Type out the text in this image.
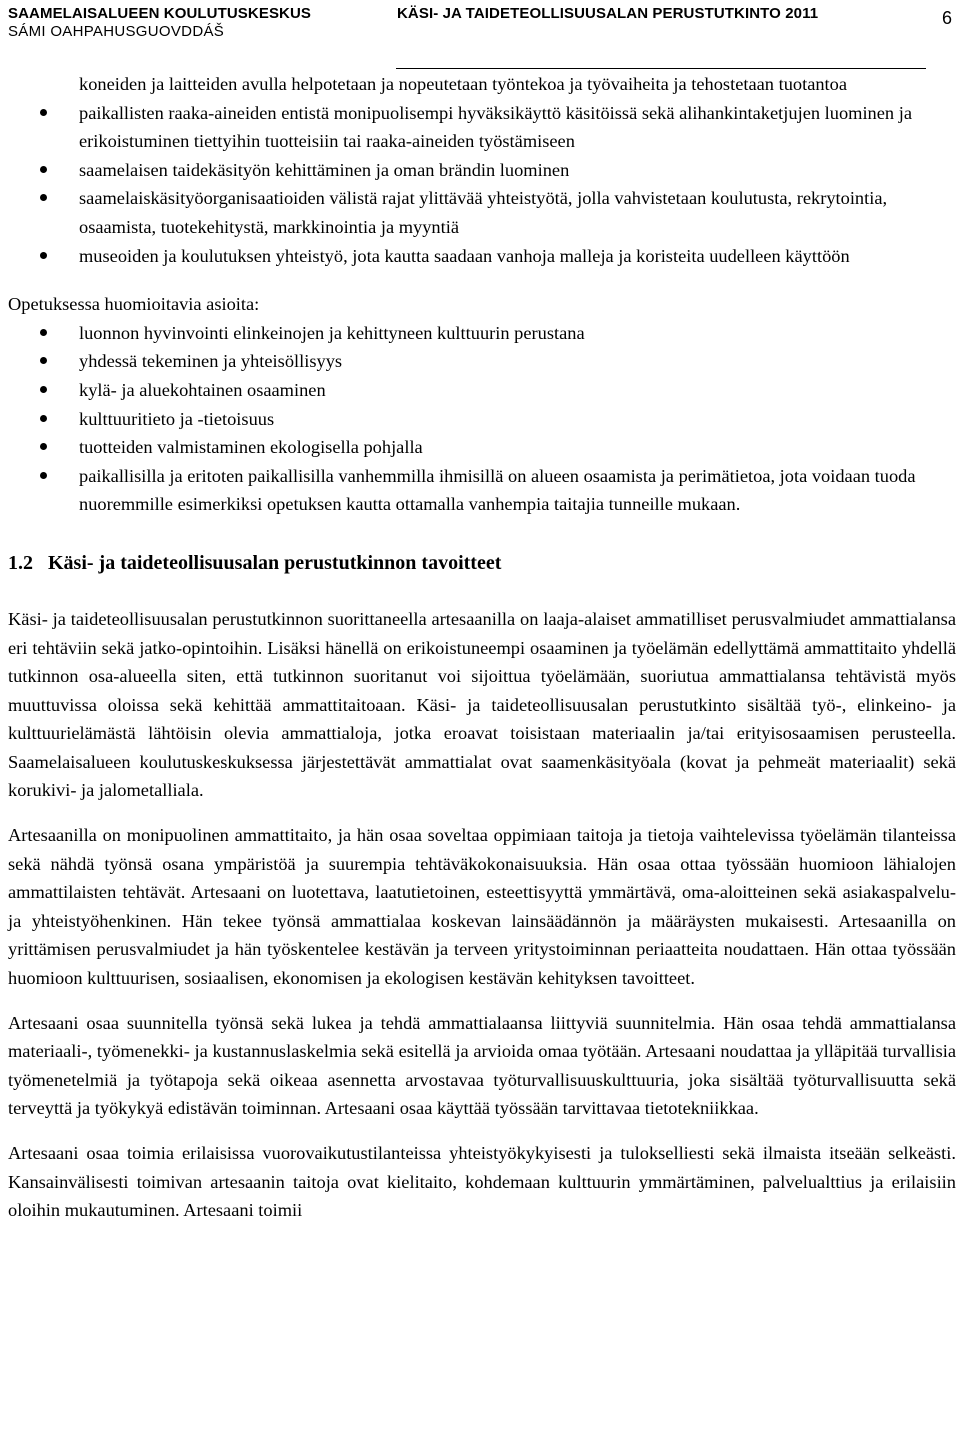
SAAMELAISALUEEN KOULUTUSKESKUS
SÁMI OAHPAHUSGUOVDDÁŠ
KÄSI- JA TAIDETEOLLISUUSALAN PERUSTUTKINTO 2011	6
koneiden ja laitteiden avulla helpotetaan ja nopeutetaan työntekoa ja työvaiheita ja tehostetaan tuotantoa
paikallisten raaka-aineiden entistä monipuolisempi hyväksikäyttö käsitöissä sekä alihankintaketjujen luominen ja erikoistuminen tiettyihin tuotteisiin tai raaka-aineiden työstämiseen
saamelaisen taidekäsityön kehittäminen ja oman brändin luominen
saamelaiskäsityöorganisaatioiden välistä rajat ylittävää yhteistyötä, jolla vahvistetaan koulutusta, rekrytointia, osaamista, tuotekehitystä, markkinointia ja myyntiä
museoiden ja koulutuksen yhteistyö, jota kautta saadaan vanhoja malleja ja koristeita uudelleen käyttöön
Opetuksessa huomioitavia asioita:
luonnon hyvinvointi elinkeinojen ja kehittyneen kulttuurin perustana
yhdessä tekeminen ja yhteisöllisyys
kylä- ja aluekohtainen osaaminen
kulttuuritieto ja -tietoisuus
tuotteiden valmistaminen ekologisella pohjalla
paikallisilla ja eritoten paikallisilla vanhemmilla ihmisillä on alueen osaamista ja perimätietoa, jota voidaan tuoda nuoremmille esimerkiksi opetuksen kautta ottamalla vanhempia taitajia tunneille mukaan.
1.2 Käsi- ja taideteollisuusalan perustutkinnon tavoitteet

Käsi- ja taideteollisuusalan perustutkinnon suorittaneella artesaanilla on laaja-alaiset ammatilliset perusvalmiudet ammattialansa eri tehtäviin sekä jatko-opintoihin. Lisäksi hänellä on erikoistuneempi osaaminen ja työelämän edellyttämä ammattitaito yhdellä tutkinnon osa-alueella siten, että tutkinnon suoritanut voi sijoittua työelämään, suoriutua ammattialansa tehtävistä myös muuttuvissa oloissa sekä kehittää ammattitaitoaan. Käsi- ja taideteollisuusalan perustutkinto sisältää työ-, elinkeino- ja kulttuurielämästä lähtöisin olevia ammattialoja, jotka eroavat toisistaan materiaalin ja/tai erityisosaamisen perusteella. Saamelaisalueen koulutuskeskuksessa järjestettävät ammattialat ovat saamenkäsityöala (kovat ja pehmeät materiaalit) sekä korukivi- ja jalometalliala.

Artesaanilla on monipuolinen ammattitaito, ja hän osaa soveltaa oppimiaan taitoja ja tietoja vaihtelevissa työelämän tilanteissa sekä nähdä työnsä osana ympäristöä ja suurempia tehtäväkokonaisuuksia. Hän osaa ottaa työssään huomioon lähialojen ammattilaisten tehtävät. Artesaani on luotettava, laatutietoinen, esteettisyyttä ymmärtävä, oma-aloitteinen sekä asiakaspalvelu- ja yhteistyöhenkinen. Hän tekee työnsä ammattialaa koskevan lainsäädännön ja määräysten mukaisesti. Artesaanilla on yrittämisen perusvalmiudet ja hän työskentelee kestävän ja terveen yritystoiminnan periaatteita noudattaen. Hän ottaa työssään huomioon kulttuurisen, sosiaalisen, ekonomisen ja ekologisen kestävän kehityksen tavoitteet.

Artesaani osaa suunnitella työnsä sekä lukea ja tehdä ammattialaansa liittyviä suunnitelmia. Hän osaa tehdä ammattialansa materiaali-, työmenekki- ja kustannuslaskelmia sekä esitellä ja arvioida omaa työtään. Artesaani noudattaa ja ylläpitää turvallisia työmenetelmiä ja työtapoja sekä oikeaa asennetta arvostavaa työturvallisuuskulttuuria, joka sisältää työturvallisuutta sekä terveyttä ja työkykyä edistävän toiminnan. Artesaani osaa käyttää työssään tarvittavaa tietotekniikkaa.

Artesaani osaa toimia erilaisissa vuorovaikutustilanteissa yhteistyökykyisesti ja tulokselliesti sekä ilmaista itseään selkeästi. Kansainvälisesti toimivan artesaanin taitoja ovat kielitaito, kohdemaan kulttuurin ymmärtäminen, palvelualttius ja erilaisiin oloihin mukautuminen. Artesaani toimii
